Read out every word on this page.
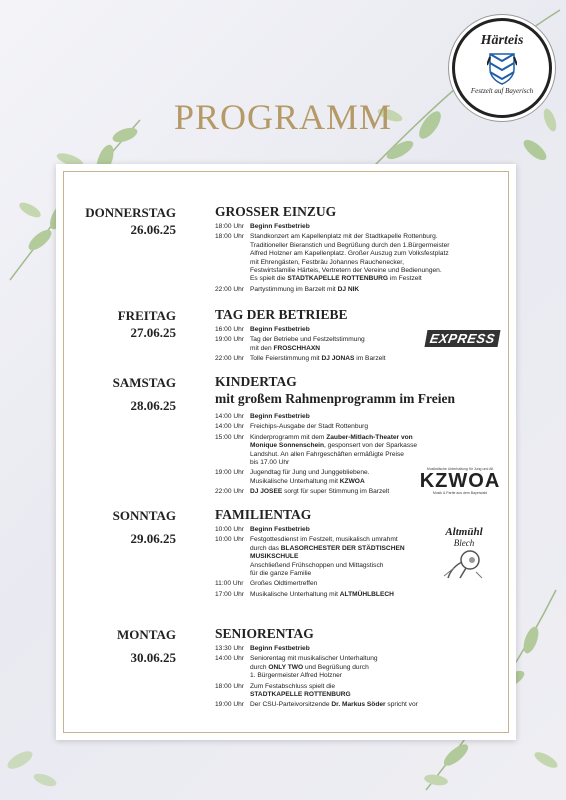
Härteis
Festzelt auf Bayerisch
PROGRAMM
DONNERSTAG
26.06.25
GROSSER EINZUG
18:00 Uhr Beginn Festbetrieb
18:00 Uhr Standkonzert am Kapellenplatz mit der Stadtkapelle Rottenburg.
Traditioneller Bieranstich und Begrüßung durch den 1.Bürgermeister
Alfred Holzner am Kapellenplatz. Großer Auszug zum Volksfestplatz
mit Ehrengästen, Festbräu Johannes Rauchenecker,
Festwirtsfamilie Härteis, Vertretern der Vereine und Bedienungen.
Es spielt die STADTKAPELLE ROTTENBURG im Festzelt
22:00 Uhr Partystimmung im Barzelt mit DJ NIK
FREITAG
27.06.25
TAG DER BETRIEBE
16:00 Uhr Beginn Festbetrieb
19:00 Uhr Tag der Betriebe und Festzeltstimmung
mit den FROSCHHAXN
22:00 Uhr Tolle Feierstimmung mit DJ JONAS im Barzelt
SAMSTAG
28.06.25
KINDERTAG
mit großem Rahmenprogramm im Freien
14:00 Uhr Beginn Festbetrieb
14:00 Uhr Freichips-Ausgabe der Stadt Rottenburg
15:00 Uhr Kinderprogramm mit dem Zauber-Mitlach-Theater von
Monique Sonnenschein, gesponsert von der Sparkasse
Landshut. An allen Fahrgeschäften ermäßigte Preise
bis 17.00 Uhr
19:00 Uhr Jugendtag für Jung und Junggebliebene.
Musikalische Unterhaltung mit KZWOA
22:00 Uhr DJ JOSEE sorgt für super Stimmung im Barzelt
SONNTAG
29.06.25
FAMILIENTAG
10:00 Uhr Beginn Festbetrieb
10:00 Uhr Festgottesdienst im Festzelt, musikalisch umrahmt
durch das BLASORCHESTER DER STÄDTISCHEN
MUSIKSCHULE
Anschließend Frühschoppen und Mittagstisch
für die ganze Familie
11:00 Uhr Großes Oldtimertreffen
17:00 Uhr Musikalische Unterhaltung mit ALTMÜHLBLECH
MONTAG
30.06.25
SENIORENTAG
13:30 Uhr Beginn Festbetrieb
14:00 Uhr Seniorentag mit musikalischer Unterhaltung
durch ONLY TWO und Begrüßung durch
1. Bürgermeister Alfred Holzner
18:00 Uhr Zum Festabschluss spielt die
STADTKAPELLE ROTTENBURG
19:00 Uhr Der CSU-Parteivorsitzende Dr. Markus Söder spricht vor
EXPRESS
Musikalische Unterhaltung für Jung und Alt
KZWOA
Musik & Partie aus dem Bayerwald
Altmühl
Blech
